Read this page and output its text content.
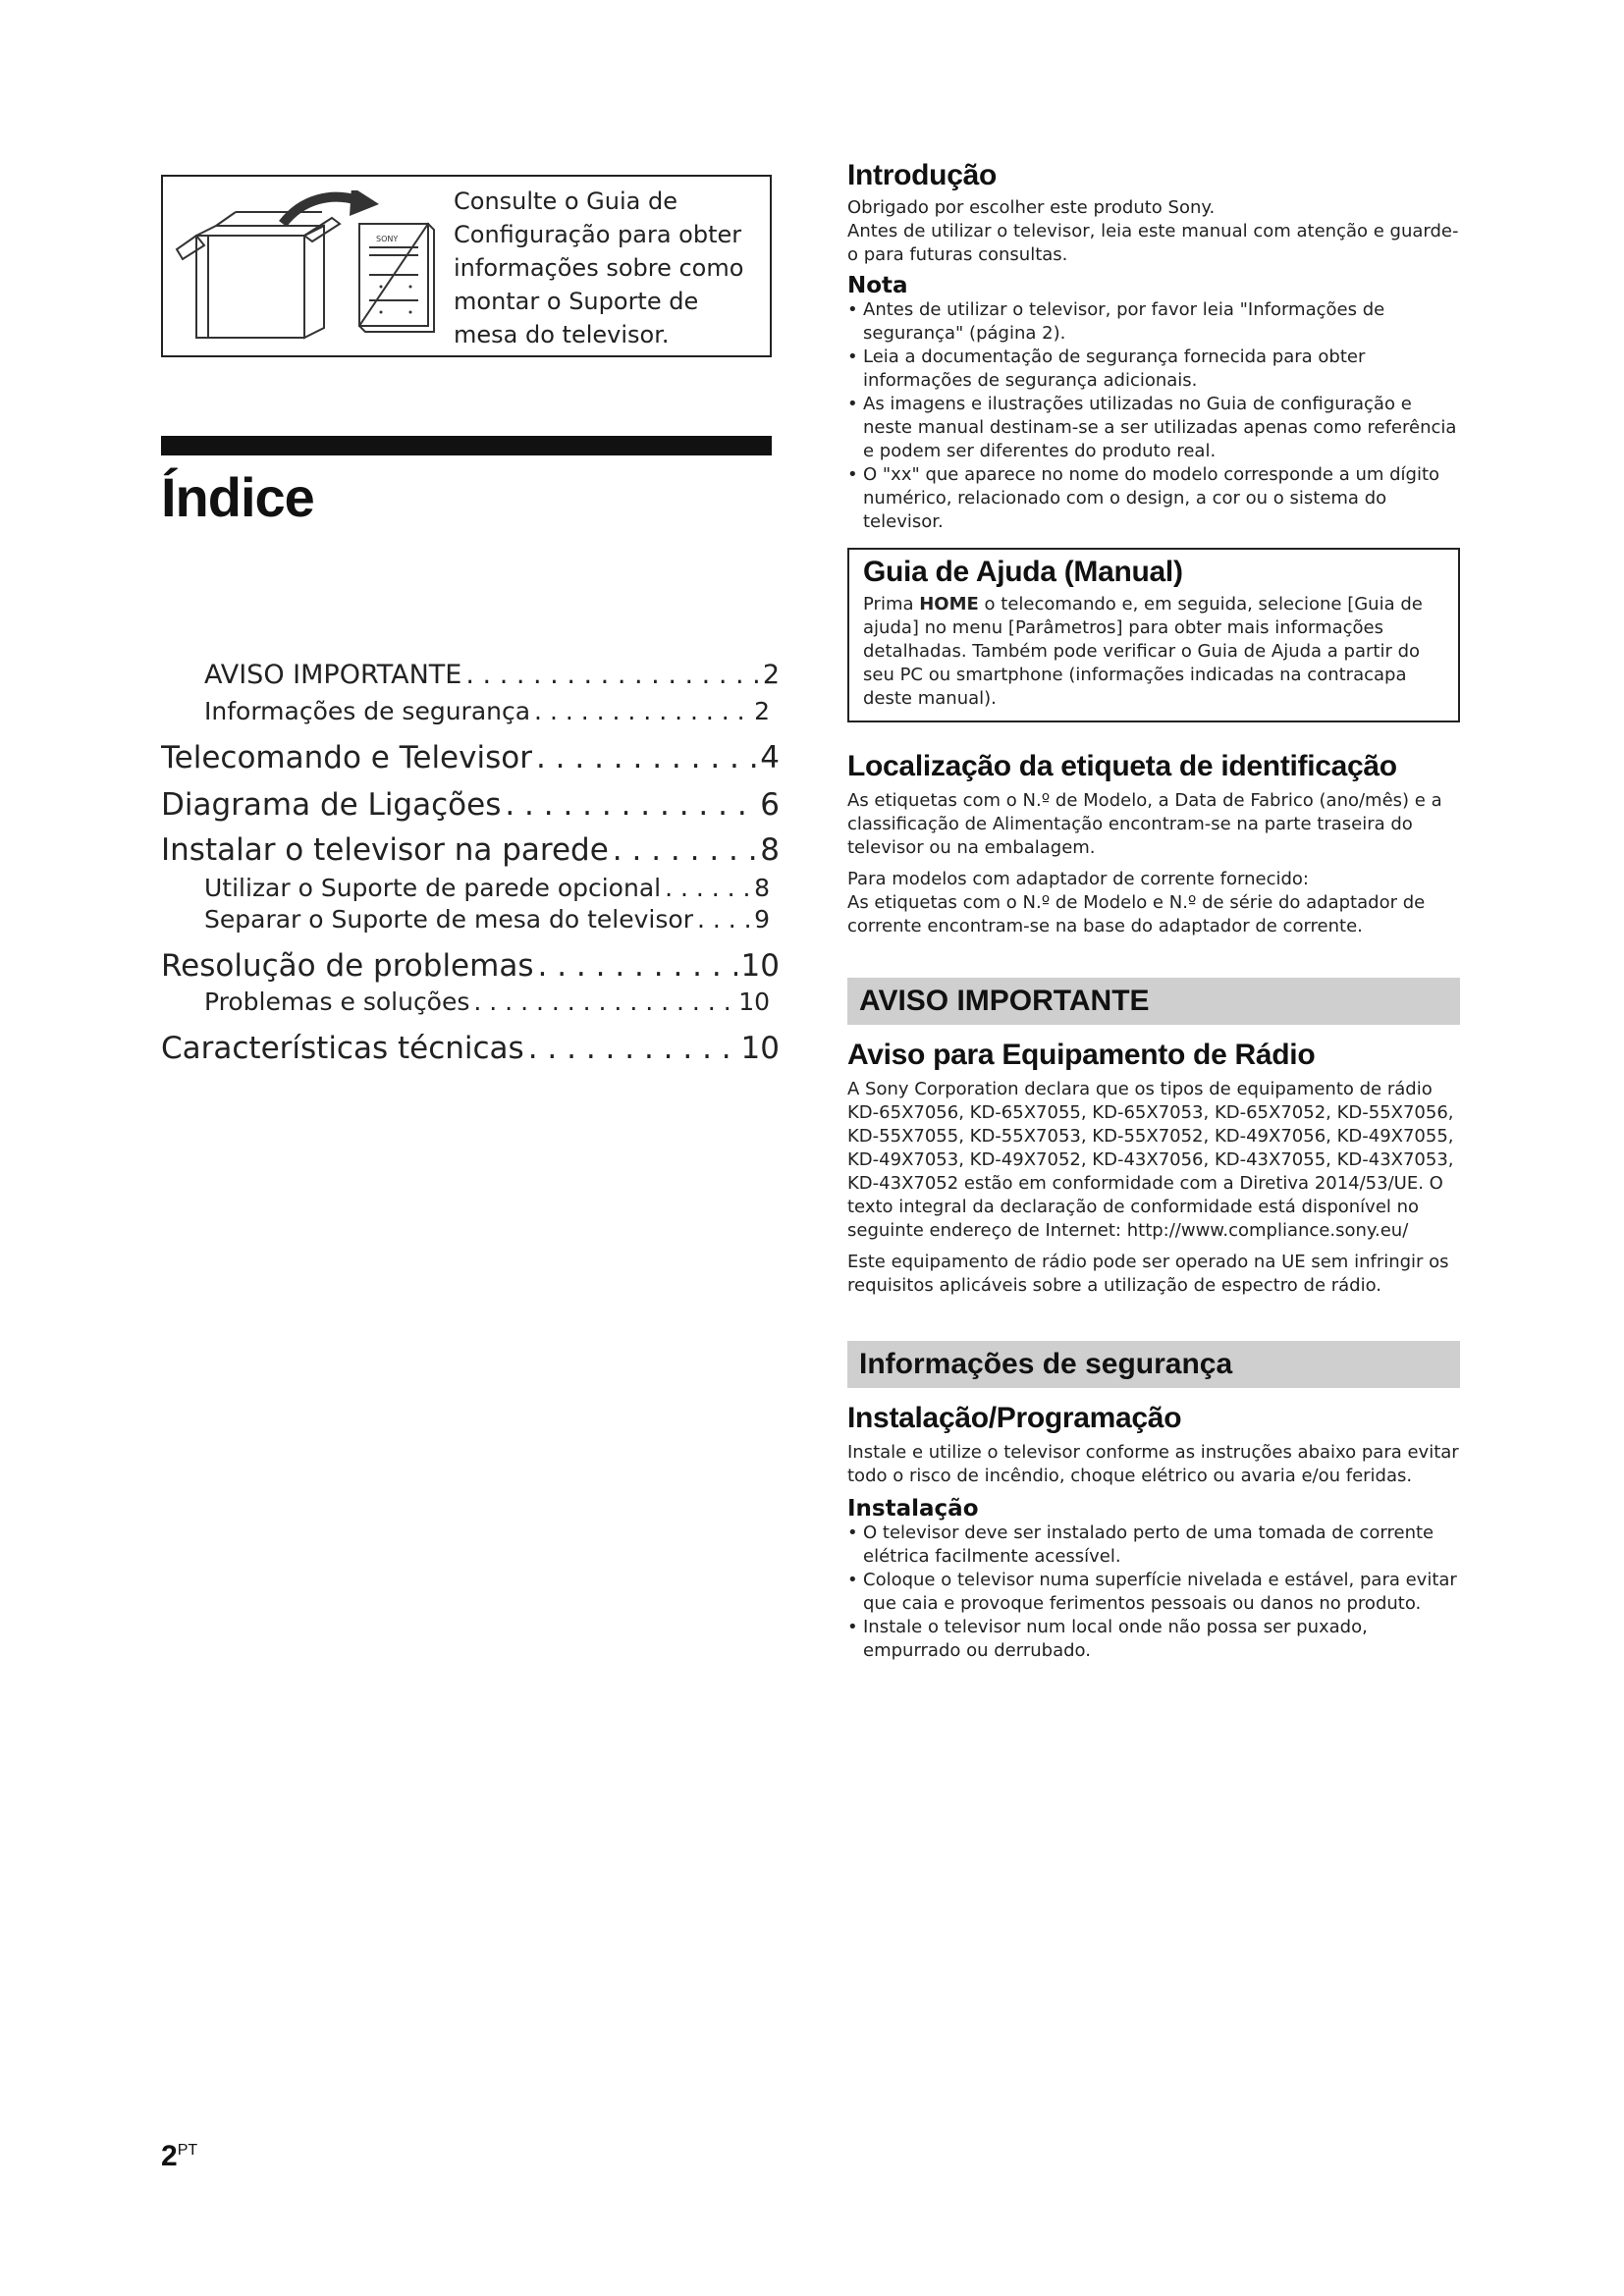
SONY
Consulte o Guia de Configuração para obter informações sobre como montar o Suporte de mesa do televisor.
Índice
AVISO IMPORTANTE . . .	2
Informações de segurança . . .	2
Telecomando e Televisor . . .	4
Diagrama de Ligações . . .	6
Instalar o televisor na parede . . .	8
Utilizar o Suporte de parede opcional . . .	8
Separar o Suporte de mesa do televisor . . . 9
Resolução de problemas . . .	10
Problemas e soluções . . .	10
Características técnicas . . .	10
Introdução

Obrigado por escolher este produto Sony.

Antes de utilizar o televisor, leia este manual com atenção e guarde-o para futuras consultas.

Nota
• Antes de utilizar o televisor, por favor leia "Informações de segurança" (página 2).
• Leia a documentação de segurança fornecida para obter informações de segurança adicionais.
• As imagens e ilustrações utilizadas no Guia de configuração e neste manual destinam-se a ser utilizadas apenas como referência e podem ser diferentes do produto real.
• O "xx" que aparece no nome do modelo corresponde a um dígito numérico, relacionado com o design, a cor ou o sistema do televisor.
Guia de Ajuda (Manual)

Prima HOME o telecomando e, em seguida, selecione [Guia de ajuda] no menu [Parâmetros] para obter mais informações detalhadas. Também pode verificar o Guia de Ajuda a partir do seu PC ou smartphone (informações indicadas na contracapa deste manual).

Localização da etiqueta de identificação

As etiquetas com o N.º de Modelo, a Data de Fabrico (ano/mês) e a classificação de Alimentação encontram-se na parte traseira do televisor ou na embalagem.

Para modelos com adaptador de corrente fornecido:

As etiquetas com o N.º de Modelo e N.º de série do adaptador de corrente encontram-se na base do adaptador de corrente.

AVISO IMPORTANTE
Aviso para Equipamento de Rádio

A Sony Corporation declara que os tipos de equipamento de rádio KD-65X7056, KD-65X7055, KD-65X7053, KD-65X7052, KD-55X7056, KD-55X7055, KD-55X7053, KD-55X7052, KD-49X7056, KD-49X7055, KD-49X7053, KD-49X7052, KD-43X7056, KD-43X7055, KD-43X7053, KD-43X7052 estão em conformidade com a Diretiva 2014/53/UE. O texto integral da declaração de conformidade está disponível no seguinte endereço de Internet: http://www.compliance.sony.eu/

Este equipamento de rádio pode ser operado na UE sem infringir os requisitos aplicáveis sobre a utilização de espectro de rádio.

Informações de segurança
Instalação/Programação

Instale e utilize o televisor conforme as instruções abaixo para evitar todo o risco de incêndio, choque elétrico ou avaria e/ou feridas.

Instalação
• O televisor deve ser instalado perto de uma tomada de corrente elétrica facilmente acessível.
• Coloque o televisor numa superfície nivelada e estável, para evitar que caia e provoque ferimentos pessoais ou danos no produto.
• Instale o televisor num local onde não possa ser puxado, empurrado ou derrubado.
$2^{PT}$
